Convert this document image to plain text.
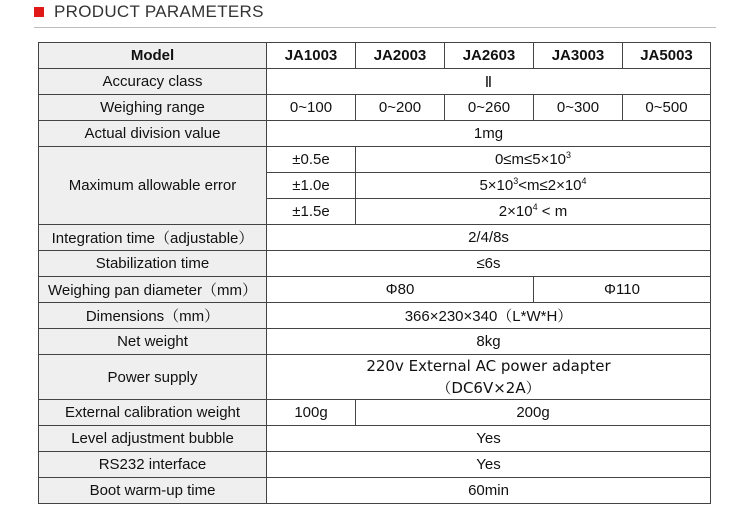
PRODUCT PARAMETERS
Model	JA1003	JA2003	JA2603	JA3003	JA5003
Accuracy class	Ⅱ				
Weighing range	0~100	0~200	0~260	0~300	0~500
Actual division value	1mg				
Maximum allowable error	±0.5e	$0\le m\le 5\times 10^3$
	±1.0e	$5\times 10^3<m\le 2\times 10^4$
	±1.5e	$2\times 10^4 < m$			
Integration time（adjustable）	2/4/8s				
Stabilization time	≤6s				
Weighing pan diameter（mm）	Φ80			Φ110	
Dimensions（mm）	366×230×340（L*W*H）				
Net weight	8kg				
Power supply	220v External AC power adapter
（DC6V×2A）				

External calibration weight	100g	200g			
Level adjustment bubble	Yes				
RS232 interface	Yes				
Boot warm-up time	60min				
